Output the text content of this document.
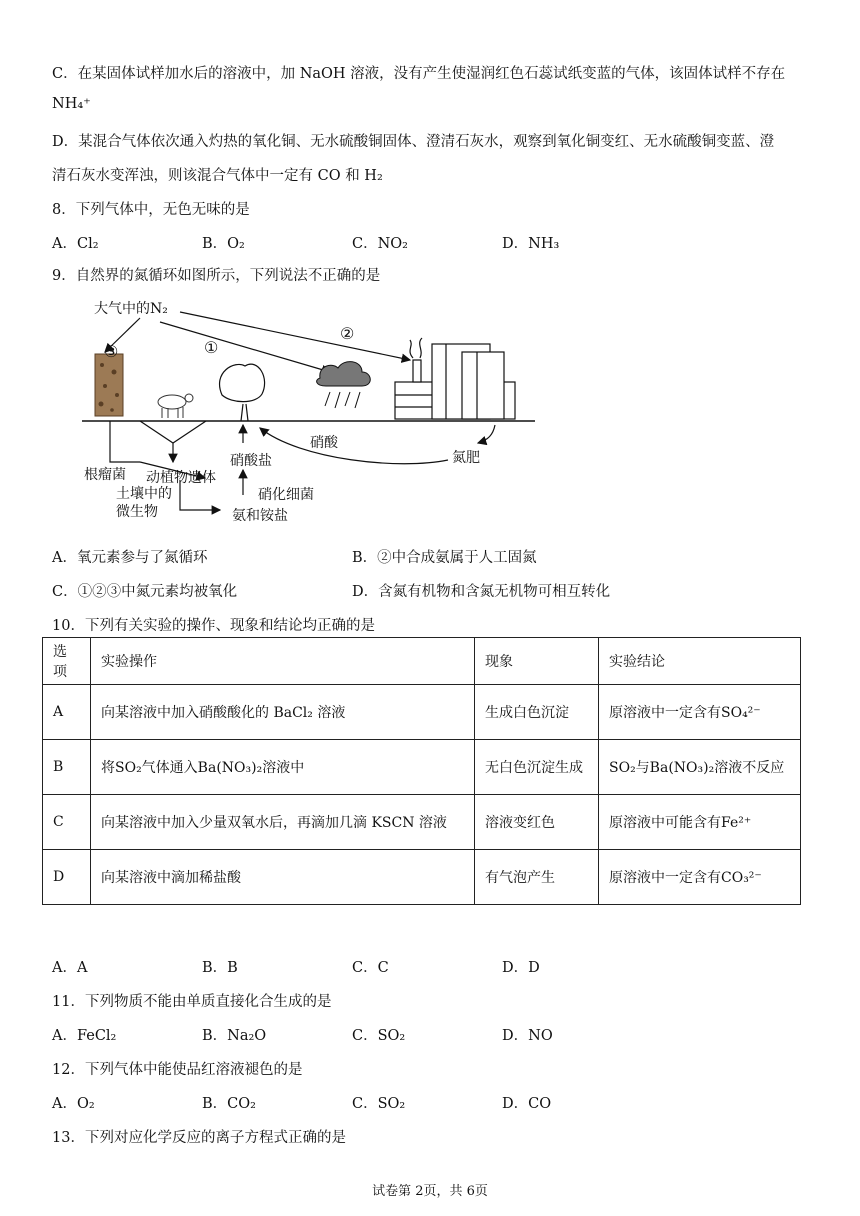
C．在某固体试样加水后的溶液中，加 NaOH 溶液，没有产生使湿润红色石蕊试纸变蓝的气体，该固体试样不存在
NH₄⁺
D．某混合气体依次通入灼热的氧化铜、无水硫酸铜固体、澄清石灰水，观察到氧化铜变红、无水硫酸铜变蓝、澄
清石灰水变浑浊，则该混合气体中一定有 CO 和 H₂
8．下列气体中，无色无味的是
A．Cl₂	B．O₂	C．NO₂	D．NH₃
9．自然界的氮循环如图所示，下列说法不正确的是
大气中的N₂
①
②
③
根瘤菌 动植物遗体
土壤中的
微生物
硝酸盐
硝酸
硝化细菌
氨和铵盐
氮肥
A．氧元素参与了氮循环	B．②中合成氨属于人工固氮
C．①②③中氮元素均被氧化	D．含氮有机物和含氮无机物可相互转化
10．下列有关实验的操作、现象和结论均正确的是
选项	实验操作	现象	实验结论
A	向某溶液中加入硝酸酸化的 BaCl₂ 溶液	生成白色沉淀	原溶液中一定含有SO₄²⁻
B	将SO₂气体通入Ba(NO₃)₂溶液中	无白色沉淀生成	SO₂与Ba(NO₃)₂溶液不反应
C	向某溶液中加入少量双氧水后，再滴加几滴 KSCN 溶液	溶液变红色	原溶液中可能含有Fe²⁺
D	向某溶液中滴加稀盐酸	有气泡产生	原溶液中一定含有CO₃²⁻
A．A	B．B	C．C	D．D
11．下列物质不能由单质直接化合生成的是
A．FeCl₂	B．Na₂O	C．SO₂	D．NO
12．下列气体中能使品红溶液褪色的是
A．O₂	B．CO₂	C．SO₂	D．CO
13．下列对应化学反应的离子方程式正确的是
试卷第 2页，共 6页
